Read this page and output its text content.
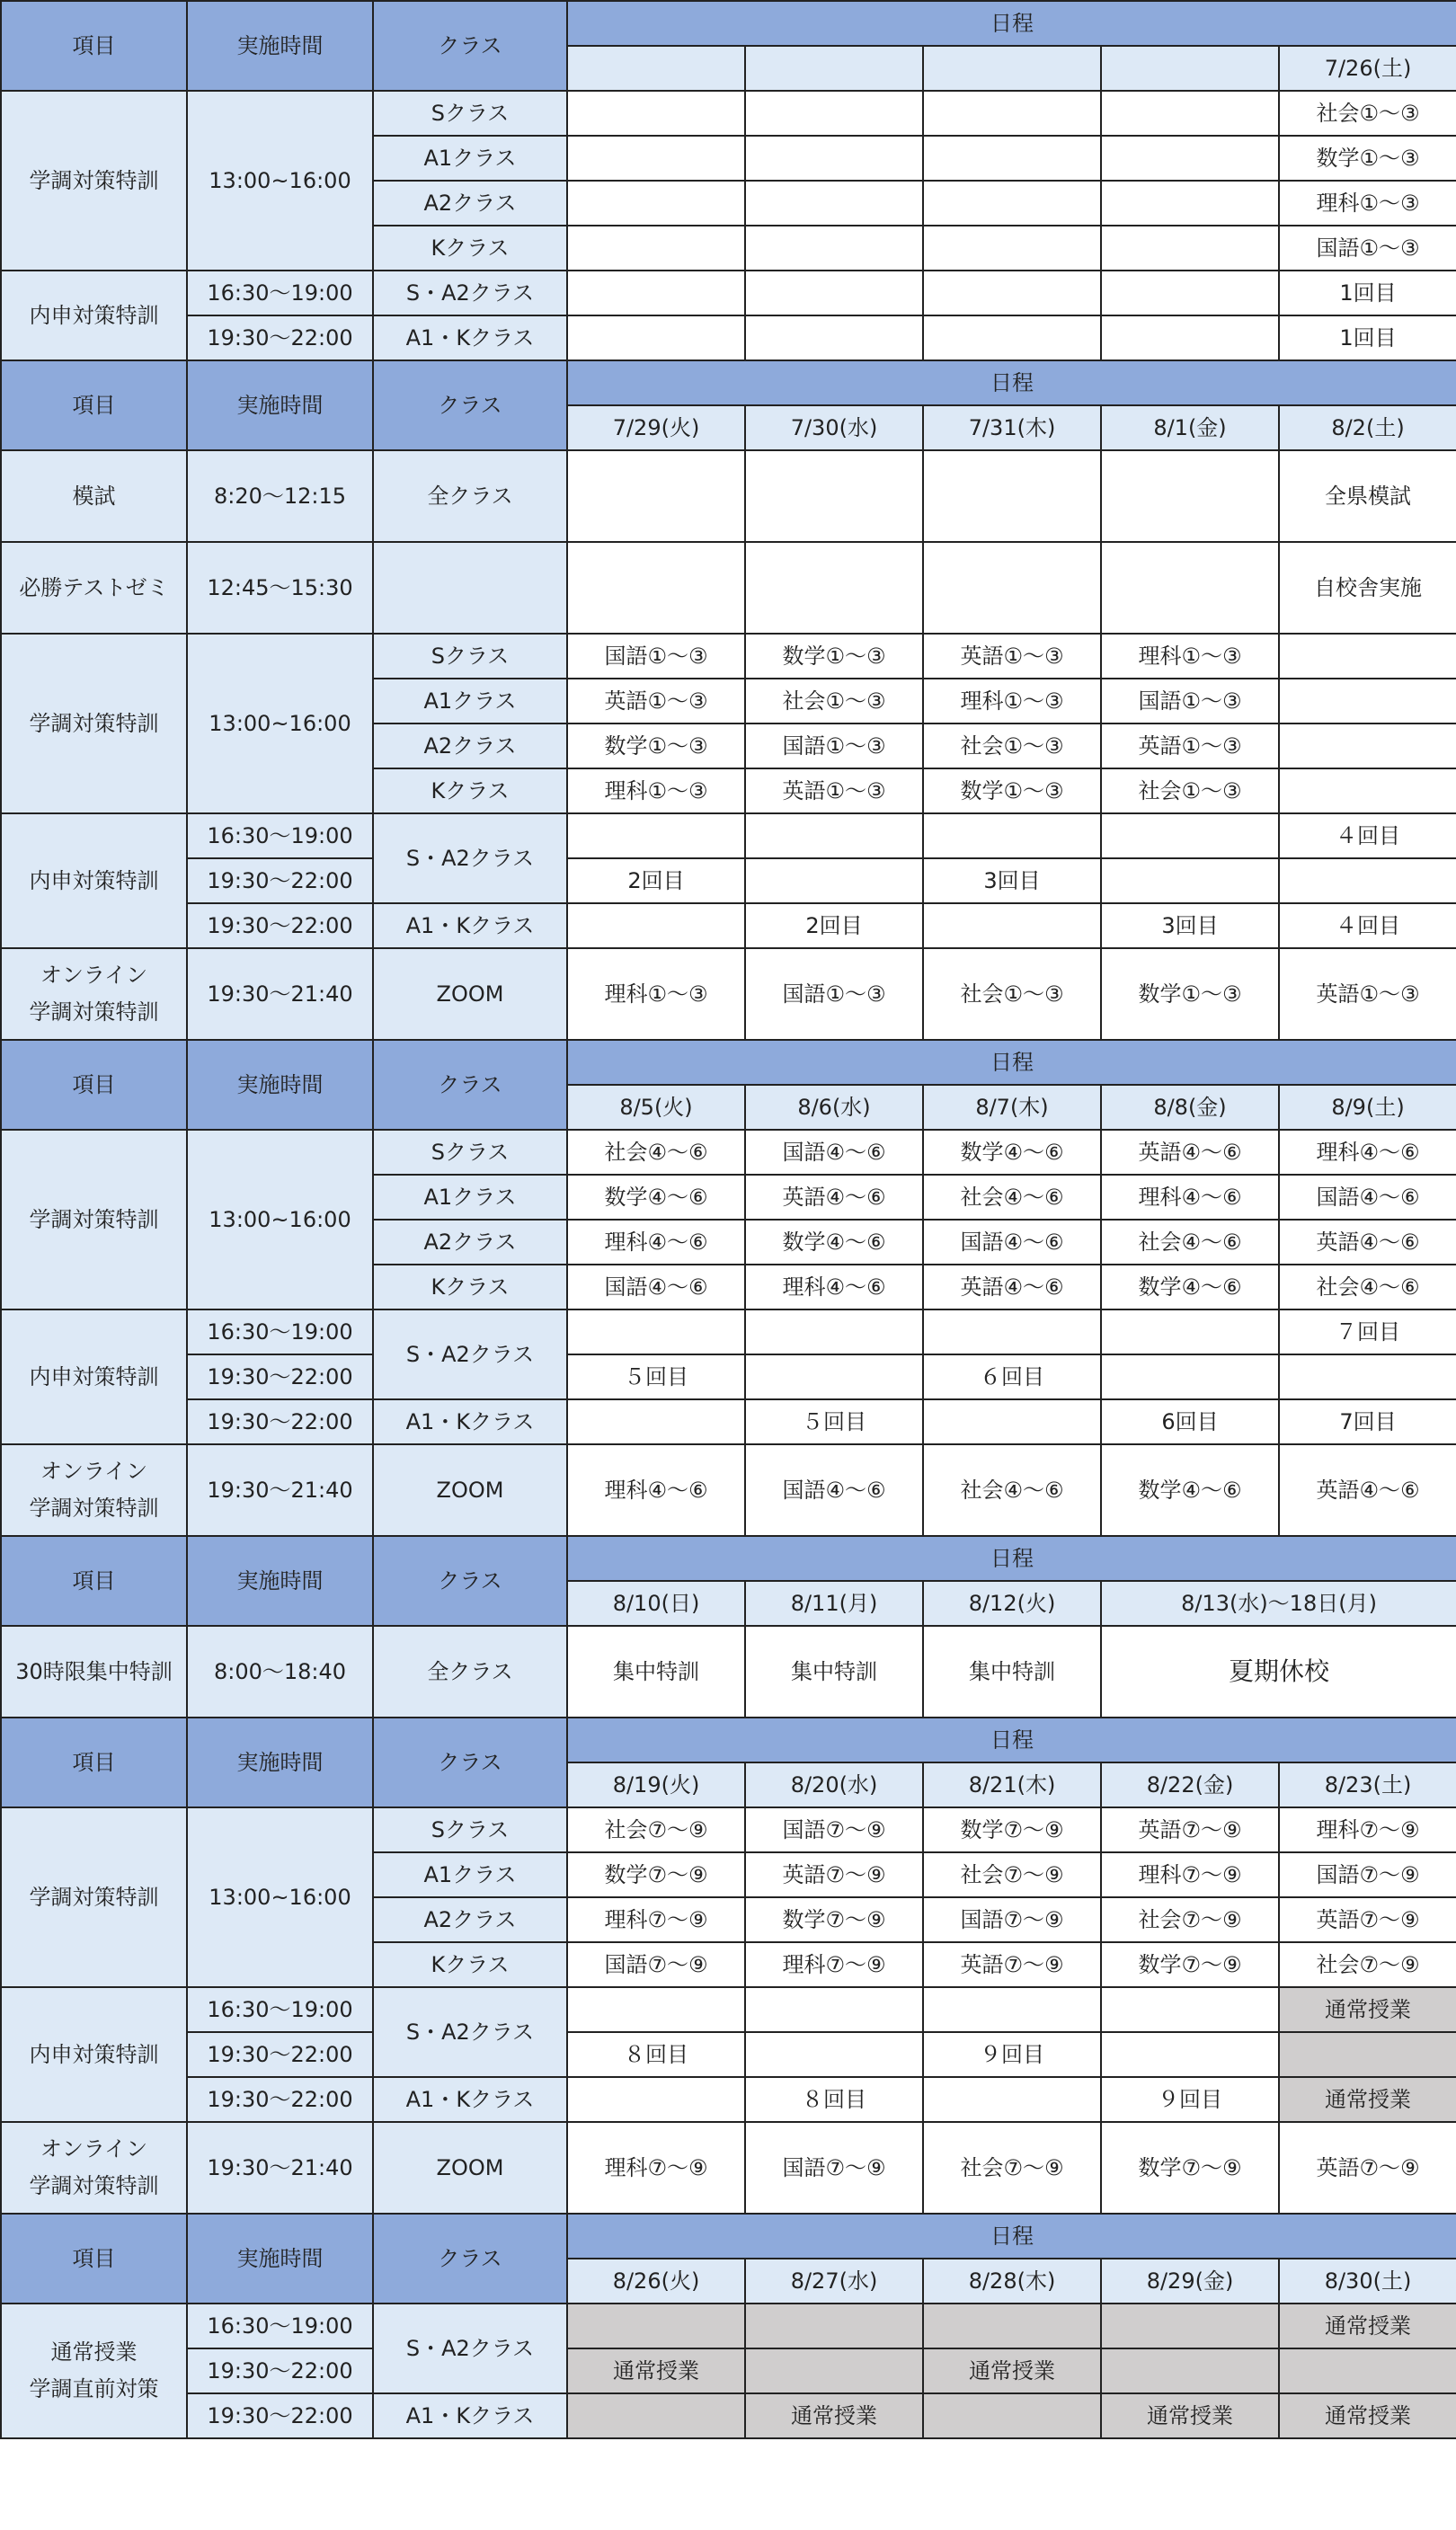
項目	実施時間	クラス	日程				
							7/26(土)
学調対策特訓	13:00~16:00	Sクラス					社会①～③
		A1クラス					数学①～③
		A2クラス					理科①～③
		Kクラス					国語①～③
内申対策特訓	16:30～19:00	S・A2クラス					1回目
	19:30～22:00	A1・Kクラス					1回目
項目	実施時間	クラス	日程				
			7/29(火)	7/30(水)	7/31(木)	8/1(金)	8/2(土)
模試	8:20～12:15	全クラス					全県模試
必勝テストゼミ	12:45～15:30						自校舎実施
学調対策特訓	13:00~16:00	Sクラス	国語①～③	数学①～③	英語①～③	理科①～③	
		A1クラス	英語①～③	社会①～③	理科①～③	国語①～③	
		A2クラス	数学①～③	国語①～③	社会①～③	英語①～③	
		Kクラス	理科①～③	英語①～③	数学①～③	社会①～③	
内申対策特訓	16:30～19:00	S・A2クラス					４回目
	19:30～22:00		2回目		3回目		
	19:30～22:00	A1・Kクラス		2回目		3回目	４回目
オンライン
学調対策特訓	19:30～21:40	ZOOM	理科①～③	国語①～③	社会①～③	数学①～③	英語①～③
項目	実施時間	クラス	日程				
			8/5(火)	8/6(水)	8/7(木)	8/8(金)	8/9(土)
学調対策特訓	13:00~16:00	Sクラス	社会④～⑥	国語④～⑥	数学④～⑥	英語④～⑥	理科④～⑥
		A1クラス	数学④～⑥	英語④～⑥	社会④～⑥	理科④～⑥	国語④～⑥
		A2クラス	理科④～⑥	数学④～⑥	国語④～⑥	社会④～⑥	英語④～⑥
		Kクラス	国語④～⑥	理科④～⑥	英語④～⑥	数学④～⑥	社会④～⑥
内申対策特訓	16:30～19:00	S・A2クラス					７回目
	19:30～22:00		５回目		６回目		
	19:30～22:00	A1・Kクラス		５回目		6回目	7回目
オンライン
学調対策特訓	19:30～21:40	ZOOM	理科④～⑥	国語④～⑥	社会④～⑥	数学④～⑥	英語④～⑥
項目	実施時間	クラス	日程				
			8/10(日)	8/11(月)	8/12(火)	8/13(水)～18日(月)	
30時限集中特訓	8:00～18:40	全クラス	集中特訓	集中特訓	集中特訓	夏期休校	
項目	実施時間	クラス	日程				
			8/19(火)	8/20(水)	8/21(木)	8/22(金)	8/23(土)
学調対策特訓	13:00~16:00	Sクラス	社会⑦～⑨	国語⑦～⑨	数学⑦～⑨	英語⑦～⑨	理科⑦～⑨
		A1クラス	数学⑦～⑨	英語⑦～⑨	社会⑦～⑨	理科⑦～⑨	国語⑦～⑨
		A2クラス	理科⑦～⑨	数学⑦～⑨	国語⑦～⑨	社会⑦～⑨	英語⑦～⑨
		Kクラス	国語⑦～⑨	理科⑦～⑨	英語⑦～⑨	数学⑦～⑨	社会⑦～⑨
内申対策特訓	16:30～19:00	S・A2クラス					通常授業
	19:30～22:00		８回目		９回目		
	19:30～22:00	A1・Kクラス		８回目		９回目	通常授業
オンライン
学調対策特訓	19:30～21:40	ZOOM	理科⑦～⑨	国語⑦～⑨	社会⑦～⑨	数学⑦～⑨	英語⑦～⑨
項目	実施時間	クラス	日程				
			8/26(火)	8/27(水)	8/28(木)	8/29(金)	8/30(土)
通常授業
学調直前対策	16:30～19:00	S・A2クラス					通常授業
	19:30～22:00		通常授業		通常授業		
	19:30～22:00	A1・Kクラス		通常授業		通常授業	通常授業
